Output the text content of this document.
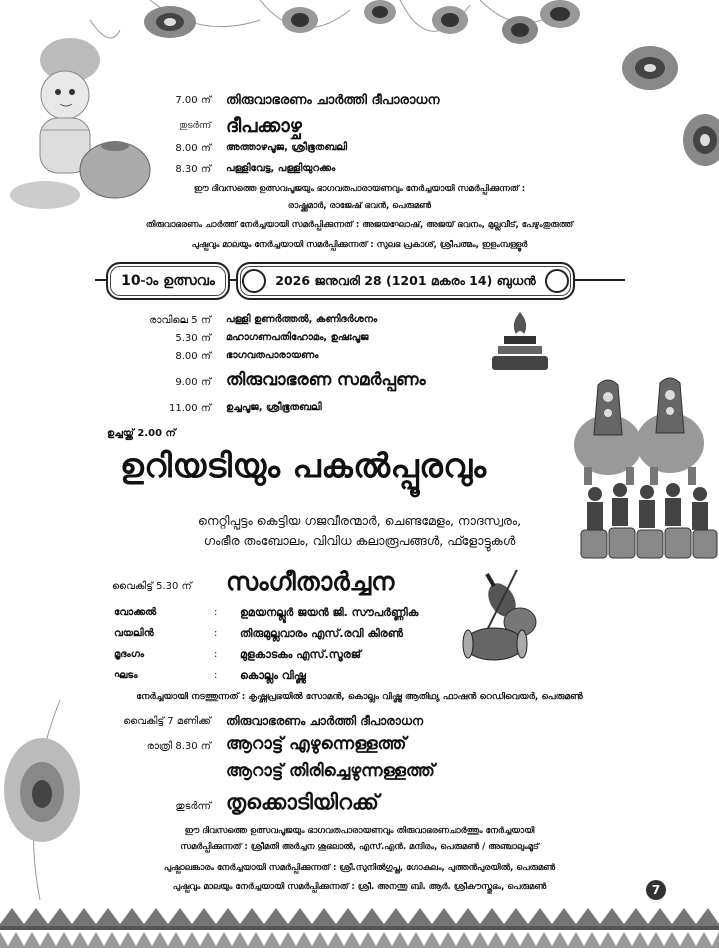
7.00 ന് തിരുവാഭരണം ചാർത്തി ദീപാരാധന
തുടർന്ന് ദീപക്കാഴ്ച
8.00 ന് അത്താഴപൂജ, ശ്രീഭൂതബലി
8.30 ന് പള്ളിവേട്ട, പള്ളിയുറക്കം
ഈ ദിവസത്തെ ഉത്സവപൂജയും ഭാഗവതപാരായണവും നേർച്ചയായി സമർപ്പിക്കുന്നത് :
രാഷ്ക്കുമാർ, രാജേഷ് ഭവൻ, പെരുമൺ
തിരുവാഭരണം ചാർത്ത് നേർച്ചയായി സമർപ്പിക്കുന്നത് : അജയഘോഷ്, അജയ് ഭവനം, മുല്ലവീട്, പേഴുംതുരുത്ത്
പുഷ്പവും മാലയും നേർച്ചയായി സമർപ്പിക്കുന്നത് : സുലഭ പ്രകാശ്, ശ്രീപത്മം, ഇളംമ്പള്ളൂർ
10-ാം ഉത്സവം	2026 ജനുവരി 28 (1201 മകരം 14) ബുധൻ
രാവിലെ 5 ന് പള്ളി ഉണർത്തൽ, കണിദർശനം
5.30 ന് മഹാഗണപതിഹോമം, ഉഷഃപൂജ
8.00 ന് ഭാഗവതപാരായണം
9.00 ന് തിരുവാഭരണ സമർപ്പണം
11.00 ന് ഉച്ചപൂജ, ശ്രീഭൂതബലി
ഉച്ചയ്ക്ക് 2.00 ന്
ഉറിയടിയും പകൽപ്പൂരവും
നെറ്റിപ്പട്ടം കെട്ടിയ ഗജവീരന്മാർ, ചെണ്ടമേളം, നാദസ്വരം,
ഗംഭീര തംബോലം, വിവിധ കലാരൂപങ്ങൾ, ഫ്ളോട്ടുകൾ
വൈകിട്ട് 5.30 ന് സംഗീതാർച്ചന
വോക്കൽ	: ഉമയനല്ലൂർ ജയൻ ജി. സൗപർണ്ണിക
വയലിൻ	: തിരുമുല്ലവാരം എസ്.രവി കിരൺ
മൃദംഗം	: മുളകാടകം എസ്.സൂരജ്
ഘടം	: കൊല്ലം വിഷ്ണു
നേർച്ചയായി നടത്തുന്നത് : കൃഷ്ണപ്രഭയിൽ സോമൻ, കൊല്ലം വിഷ്ണു ആതിഥ്യ ഫാഷൻ റെഡിവെയർ, പെരുമൺ
വൈകിട്ട് 7 മണിക്ക് തിരുവാഭരണം ചാർത്തി ദീപാരാധന
രാത്രി 8.30 ന് ആറാട്ട് എഴുന്നെള്ളത്ത്
ആറാട്ട് തിരിച്ചെഴുന്നള്ളത്ത്
തുടർന്ന് തൃക്കൊടിയിറക്ക്
ഈ ദിവസത്തെ ഉത്സവപൂജയും ഭാഗവതപാരായണവും തിരുവാഭരണചാർത്തും നേർച്ചയായി
സമർപ്പിക്കുന്നത് : ശ്രീമതി അർച്ചന ശുഭലാൽ, എസ്.എൻ. മന്ദിരം, പെരുമൺ / അഞ്ചാലുംമൂട്
പുഷ്പാലങ്കാരം നേർച്ചയായി സമർപ്പിക്കുന്നത് : ശ്രീ.സുനിൽഗുപ്ത, ഗോകുലം, പുത്തൻപുരയിൽ, പെരുമൺ
പുഷ്പവും മാലയും നേർച്ചയായി സമർപ്പിക്കുന്നത് : ശ്രീ. അനന്തു ബി. ആർ. ശ്രീകൗസ്തുഭം, പെരുമൺ	7
